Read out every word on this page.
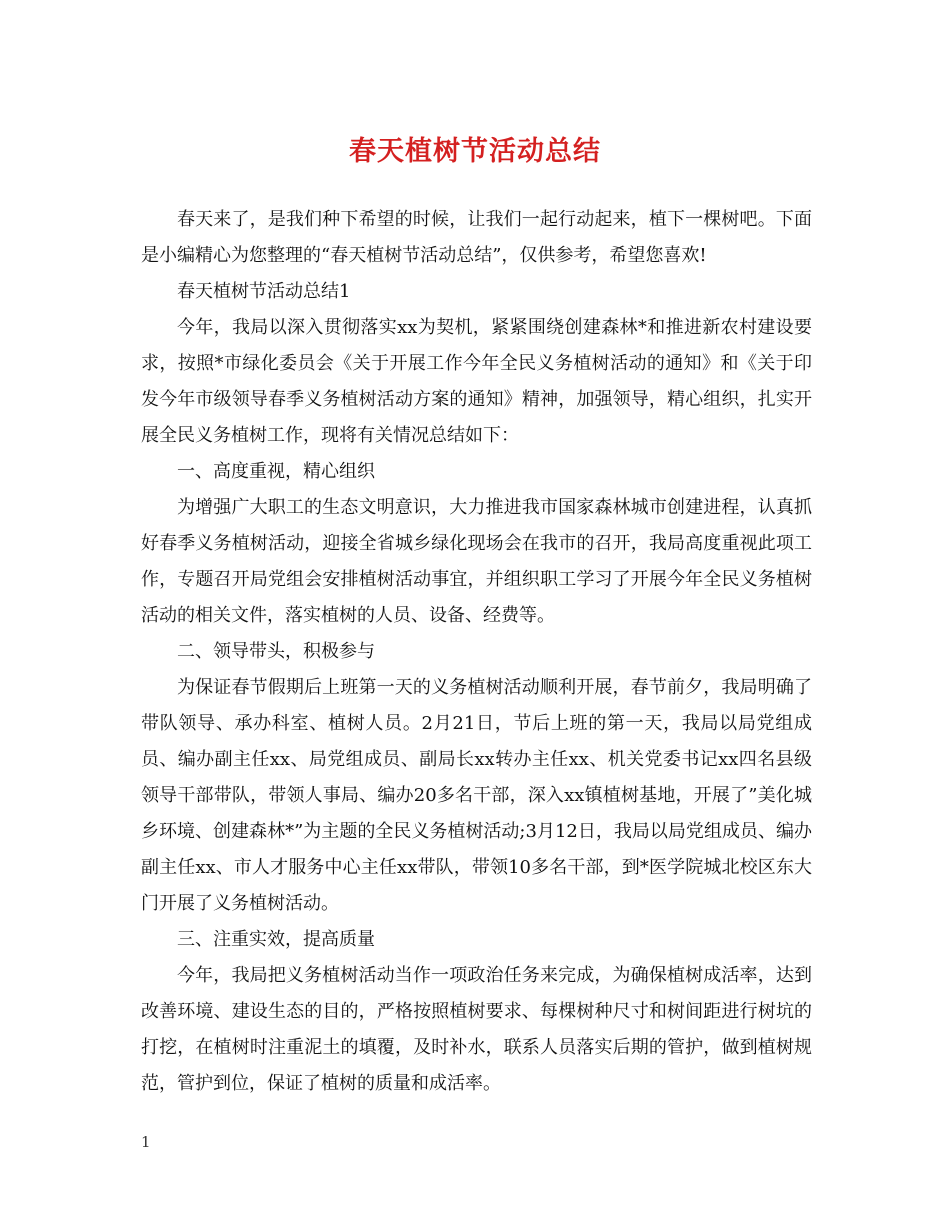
春天植树节活动总结

春天来了，是我们种下希望的时候，让我们一起行动起来，植下一棵树吧。下面是小编精心为您整理的“春天植树节活动总结”，仅供参考，希望您喜欢!

春天植树节活动总结1

今年，我局以深入贯彻落实xx为契机，紧紧围绕创建森林*和推进新农村建设要求，按照*市绿化委员会《关于开展工作今年全民义务植树活动的通知》和《关于印发今年市级领导春季义务植树活动方案的通知》精神，加强领导，精心组织，扎实开展全民义务植树工作，现将有关情况总结如下：

一、高度重视，精心组织

为增强广大职工的生态文明意识，大力推进我市国家森林城市创建进程，认真抓好春季义务植树活动，迎接全省城乡绿化现场会在我市的召开，我局高度重视此项工作，专题召开局党组会安排植树活动事宜，并组织职工学习了开展今年全民义务植树活动的相关文件，落实植树的人员、设备、经费等。

二、领导带头，积极参与

为保证春节假期后上班第一天的义务植树活动顺利开展，春节前夕，我局明确了带队领导、承办科室、植树人员。2月21日，节后上班的第一天，我局以局党组成员、编办副主任xx、局党组成员、副局长xx转办主任xx、机关党委书记xx四名县级领导干部带队，带领人事局、编办20多名干部，深入xx镇植树基地，开展了”美化城乡环境、创建森林*”为主题的全民义务植树活动;3月12日，我局以局党组成员、编办副主任xx、市人才服务中心主任xx带队，带领10多名干部，到*医学院城北校区东大门开展了义务植树活动。

三、注重实效，提高质量

今年，我局把义务植树活动当作一项政治任务来完成，为确保植树成活率，达到改善环境、建设生态的目的，严格按照植树要求、每棵树种尺寸和树间距进行树坑的打挖，在植树时注重泥土的填覆，及时补水，联系人员落实后期的管护，做到植树规范，管护到位，保证了植树的质量和成活率。

1
